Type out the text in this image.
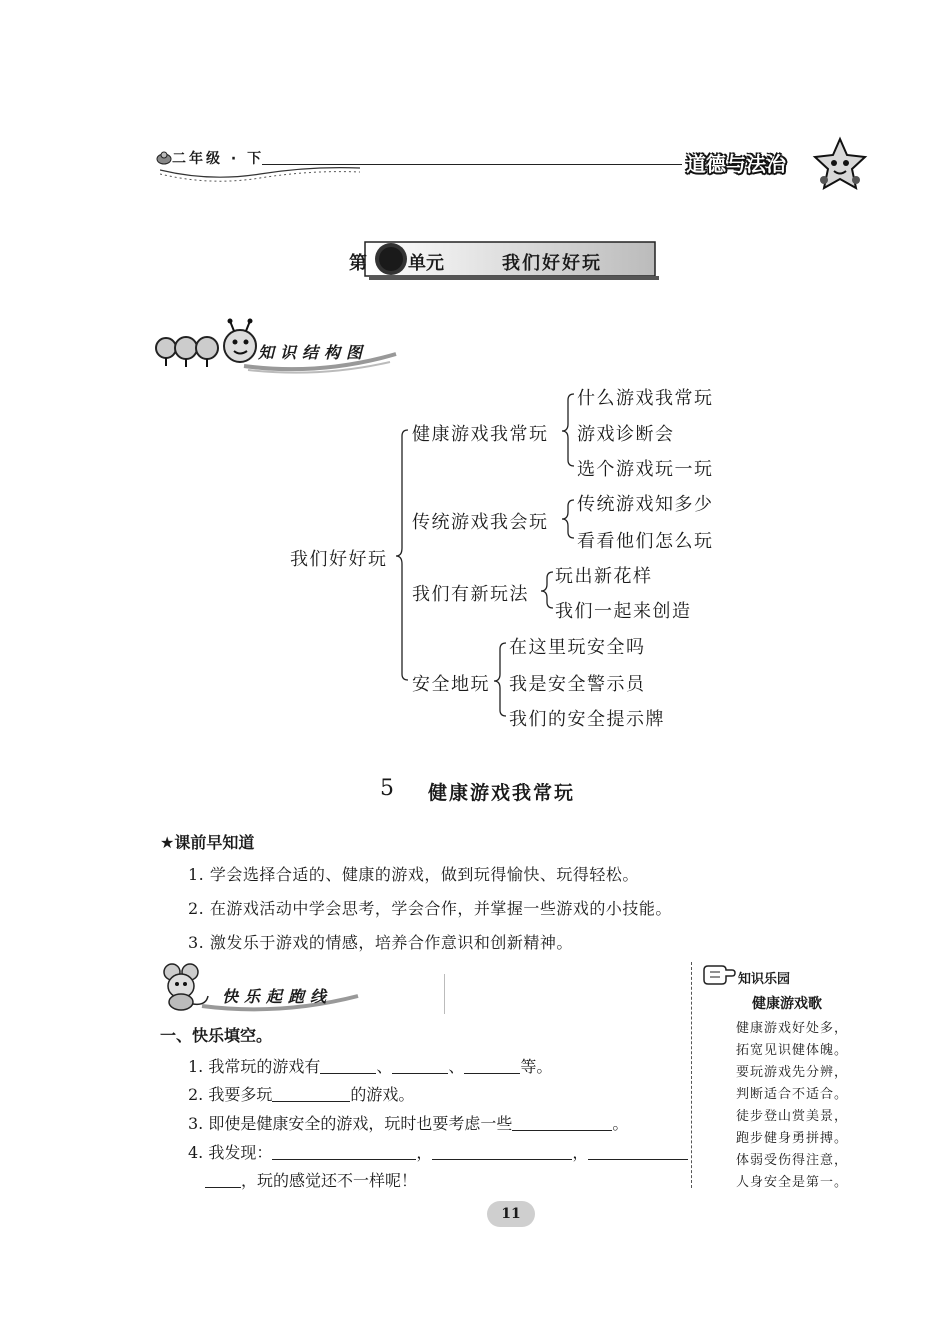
二年级 · 下	道德与法治
第 单元	我们好好玩
知识结构图
我们好好玩
健康游戏我常玩
传统游戏我会玩
我们有新玩法
安全地玩
什么游戏我常玩
游戏诊断会
选个游戏玩一玩
传统游戏知多少
看看他们怎么玩
玩出新花样
我们一起来创造
在这里玩安全吗
我是安全警示员
我们的安全提示牌
5 健康游戏我常玩
★课前早知道
1. 学会选择合适的、健康的游戏，做到玩得愉快、玩得轻松。
2. 在游戏活动中学会思考，学会合作，并掌握一些游戏的小技能。
3. 激发乐于游戏的情感，培养合作意识和创新精神。
快乐起跑线
一、快乐填空。
1. 我常玩的游戏有	、	、	等。
2. 我要多玩	的游戏。
3. 即使是健康安全的游戏，玩时也要考虑一些	。
4. 我发现：	，	，
，玩的感觉还不一样呢！
知识乐园
健康游戏歌
健康游戏好处多，
拓宽见识健体魄。
要玩游戏先分辨，
判断适合不适合。
徒步登山赏美景，
跑步健身勇拼搏。
体弱受伤得注意，
人身安全是第一。
11
